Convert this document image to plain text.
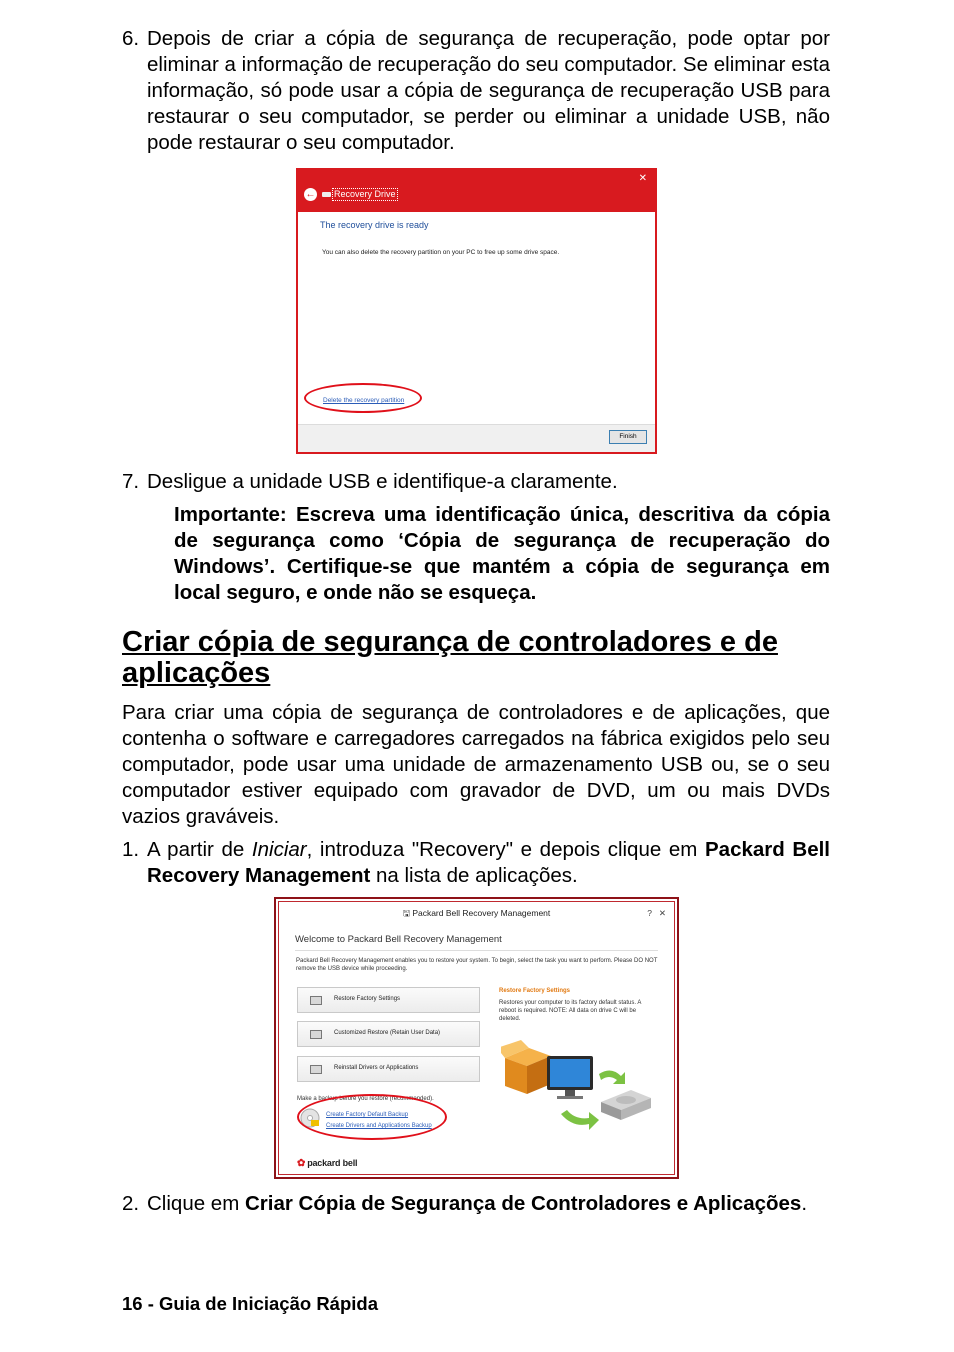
6. Depois de criar a cópia de segurança de recuperação, pode optar por eliminar a informação de recuperação do seu computador. Se eliminar esta informação, só pode usar a cópia de segurança de recuperação USB para restaurar o seu computador, se perder ou eliminar a unidade USB, não pode restaurar o seu computador.
← Recovery Drive
✕
The recovery drive is ready
You can also delete the recovery partition on your PC to free up some drive space.
Delete the recovery partition
Finish
7. Desligue a unidade USB e identifique-a claramente.
Importante: Escreva uma identificação única, descritiva da cópia de segurança como ‘Cópia de segurança de recuperação do Windows’. Certifique-se que mantém a cópia de segurança em local seguro, e onde não se esqueça.
Criar cópia de segurança de controladores e de
aplicações
Para criar uma cópia de segurança de controladores e de aplicações, que contenha o software e carregadores carregados na fábrica exigidos pelo seu computador, pode usar uma unidade de armazenamento USB ou, se o seu computador estiver equipado com gravador de DVD, um ou mais DVDs vazios graváveis.
1. A partir de Iniciar, introduza "Recovery" e depois clique em Packard Bell Recovery Management na lista de aplicações.
🖫 Packard Bell Recovery Management	? ✕
Welcome to Packard Bell Recovery Management
Packard Bell Recovery Management enables you to restore your system. To begin, select the task you want to perform. Please DO NOT remove the USB device while proceeding.
Restore Factory Settings
Customized Restore (Retain User Data)
Reinstall Drivers or Applications
Restore Factory Settings
Restores your computer to its factory default status. A reboot is required. NOTE: All data on drive C will be deleted.
Make a backup before you restore (recommended).
Create Factory Default Backup
Create Drivers and Applications Backup
✿ packard bell
2. Clique em Criar Cópia de Segurança de Controladores e Aplicações.
16 - Guia de Iniciação Rápida
